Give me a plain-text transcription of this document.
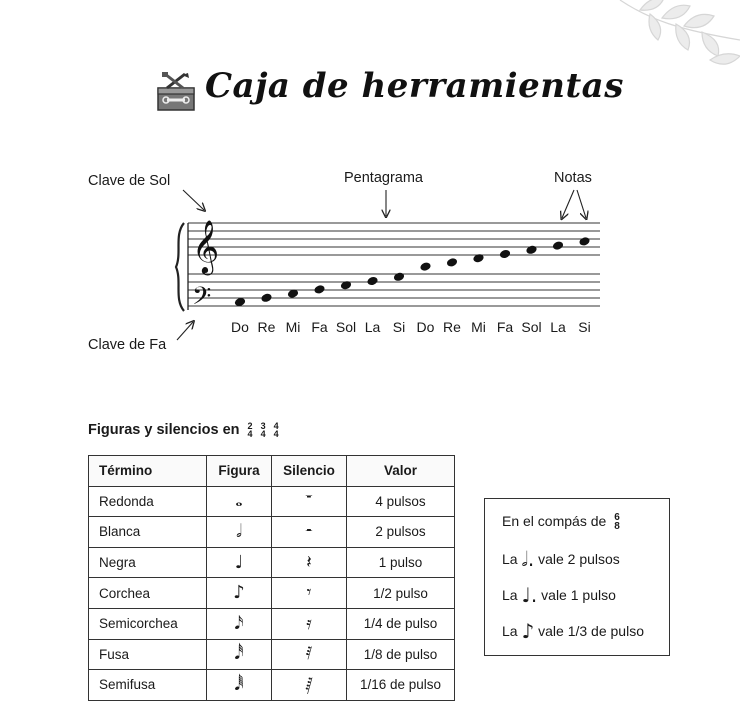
Caja de herramientas
Clave de Sol
Clave de Fa
Pentagrama	Notas
𝄞
𝄢
Do Re Mi Fa Sol La Si Do Re Mi Fa Sol La Si
Figuras y silencios en 2
4

3
4

4
4
Término	Figura	Silencio	Valor
Redonda	𝅝	𝄻	4 pulsos
Blanca	𝅗𝅥	𝄼	2 pulsos
Negra	♩	𝄽	1 pulso
Corchea	♪	𝄾	1/2 pulso
Semicorchea	𝅘𝅥𝅯	𝄿	1/4 de pulso
Fusa	𝅘𝅥𝅰	𝅀	1/8 de pulso
Semifusa	𝅘𝅥𝅱	𝅁	1/16 de pulso
En el compás de 6
8
La 𝅗𝅥. vale 2 pulsos
La ♩. vale 1 pulso
La ♪ vale 1/3 de pulso
